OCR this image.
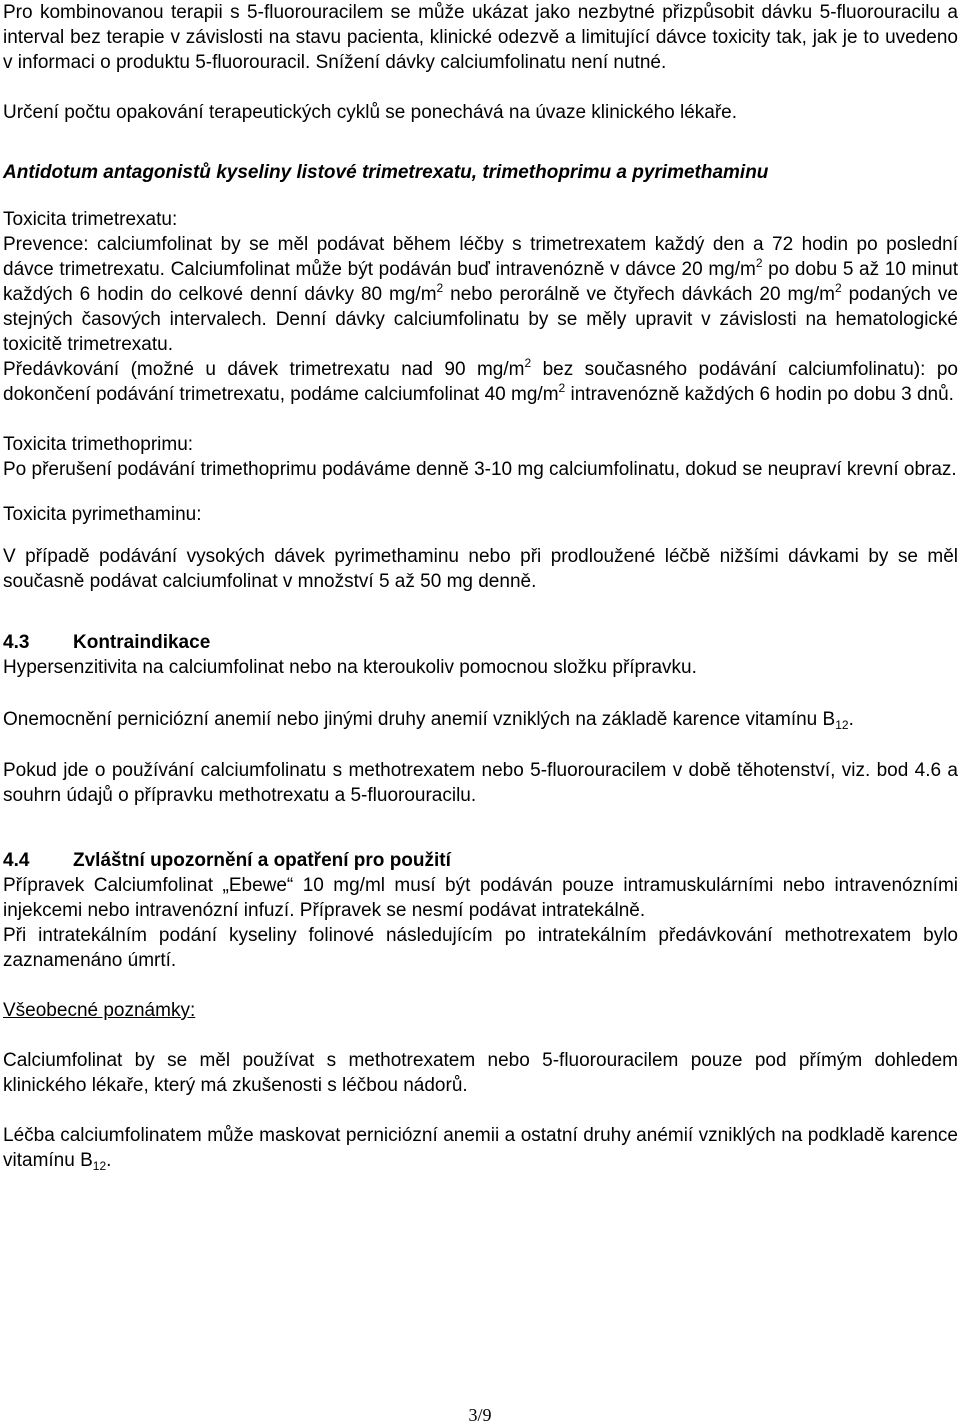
Pro kombinovanou terapii s 5-fluorouracilem se může ukázat jako nezbytné přizpůsobit dávku 5-fluorouracilu a interval bez terapie v závislosti na stavu pacienta, klinické odezvě a limitující dávce toxicity tak, jak je to uvedeno v informaci o produktu 5-fluorouracil. Snížení dávky calciumfolinatu není nutné.

Určení počtu opakování terapeutických cyklů se ponechává na úvaze klinického lékaře.

Antidotum antagonistů kyseliny listové trimetrexatu, trimethoprimu a pyrimethaminu

Toxicita trimetrexatu:

Prevence: calciumfolinat by se měl podávat během léčby s trimetrexatem každý den a 72 hodin po poslední dávce trimetrexatu. Calciumfolinat může být podáván buď intravenózně v dávce 20 $mg/m^2$ po dobu 5 až 10 minut každých 6 hodin do celkové denní dávky 80 $mg/m^2$ nebo perorálně ve čtyřech dávkách 20 $mg/m^2$ podaných ve stejných časových intervalech. Denní dávky calciumfolinatu by se měly upravit v závislosti na hematologické toxicitě trimetrexatu.

Předávkování (možné u dávek trimetrexatu nad 90 $mg/m^2$ bez současného podávání calciumfolinatu): po dokončení podávání trimetrexatu, podáme calciumfolinat 40 $mg/m^2$ intravenózně každých 6 hodin po dobu 3 dnů.

Toxicita trimethoprimu:

Po přerušení podávání trimethoprimu podáváme denně 3-10 mg calciumfolinatu, dokud se neupraví krevní obraz.

Toxicita pyrimethaminu:

V případě podávání vysokých dávek pyrimethaminu nebo při prodloužené léčbě nižšími dávkami by se měl současně podávat calciumfolinat v množství 5 až 50 mg denně.

4.3 Kontraindikace

Hypersenzitivita na calciumfolinat nebo na kteroukoliv pomocnou složku přípravku.

Onemocnění perniciózní anemií nebo jinými druhy anemií vzniklých na základě karence vitamínu $B_{12}$.

Pokud jde o používání calciumfolinatu s methotrexatem nebo 5-fluorouracilem v době těhotenství, viz. bod 4.6 a souhrn údajů o přípravku methotrexatu a 5-fluorouracilu.

4.4 Zvláštní upozornění a opatření pro použití

Přípravek Calciumfolinat „Ebewe“ 10 mg/ml musí být podáván pouze intramuskulárními nebo intravenózními injekcemi nebo intravenózní infuzí. Přípravek se nesmí podávat intratekálně.

Při intratekálním podání kyseliny folinové následujícím po intratekálním předávkování methotrexatem bylo zaznamenáno úmrtí.

Všeobecné poznámky:

Calciumfolinat by se měl používat s methotrexatem nebo 5-fluorouracilem pouze pod přímým dohledem klinického lékaře, který má zkušenosti s léčbou nádorů.

Léčba calciumfolinatem může maskovat perniciózní anemii a ostatní druhy anémií vzniklých na podkladě karence vitamínu $B_{12}$.

3/9
